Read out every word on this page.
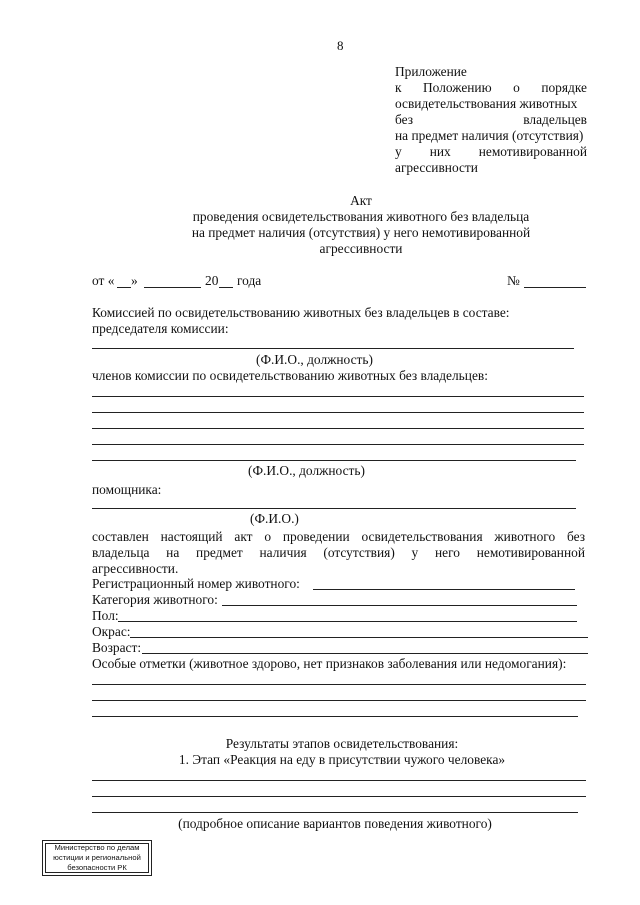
8
Приложение
к Положению о порядке
освидетельствования животных
без	владельцев
на предмет наличия (отсутствия)
у них немотивированной
агрессивности
Акт
проведения освидетельствования животного без владельца
на предмет наличия (отсутствия) у него немотивированной
агрессивности
от « »	20 года	№
Комиссией по освидетельствованию животных без владельцев в составе:
председателя комиссии:
(Ф.И.О., должность)
членов комиссии по освидетельствованию животных без владельцев:
(Ф.И.О., должность)
помощника:
(Ф.И.О.)
составлен настоящий акт о проведении освидетельствования животного без
владельца на предмет наличия (отсутствия) у него немотивированной
агрессивности.
Регистрационный номер животного:
Категория животного:
Пол:
Окрас:
Возраст:
Особые отметки (животное здорово, нет признаков заболевания или недомогания):
Результаты этапов освидетельствования:
1. Этап «Реакция на еду в присутствии чужого человека»
(подробное описание вариантов поведения животного)
Министерство по делам
юстиции и региональной
безопасности РК
